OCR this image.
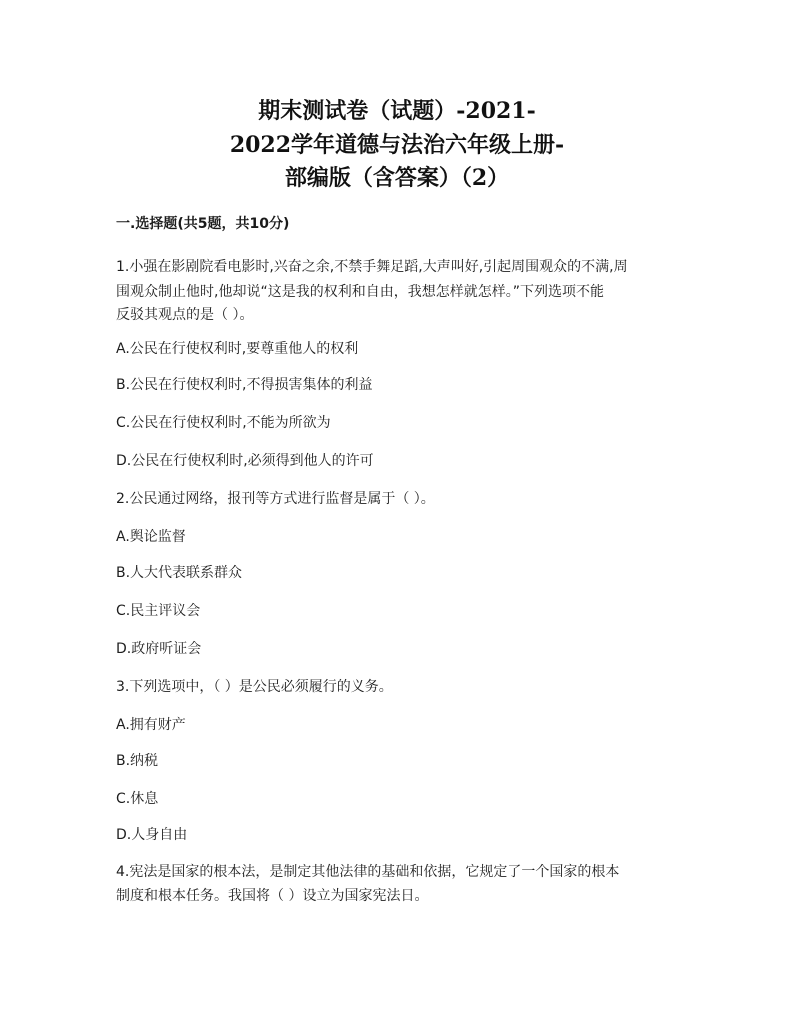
期末测试卷（试题）-2021-
2022学年道德与法治六年级上册-
部编版（含答案）（2）
一.选择题(共5题，共10分)
1.小强在影剧院看电影时,兴奋之余,不禁手舞足蹈,大声叫好,引起周围观众的不满,周
围观众制止他时,他却说“这是我的权利和自由，我想怎样就怎样。”下列选项不能
反驳其观点的是（ ）。
A.公民在行使权利时,要尊重他人的权利
B.公民在行使权利时,不得损害集体的利益
C.公民在行使权利时,不能为所欲为
D.公民在行使权利时,必须得到他人的许可
2.公民通过网络，报刊等方式进行监督是属于（ ）。
A.舆论监督
B.人大代表联系群众
C.民主评议会
D.政府听证会
3.下列选项中，（ ）是公民必须履行的义务。
A.拥有财产
B.纳税
C.休息
D.人身自由
4.宪法是国家的根本法，是制定其他法律的基础和依据，它规定了一个国家的根本
制度和根本任务。我国将（ ）设立为国家宪法日。
